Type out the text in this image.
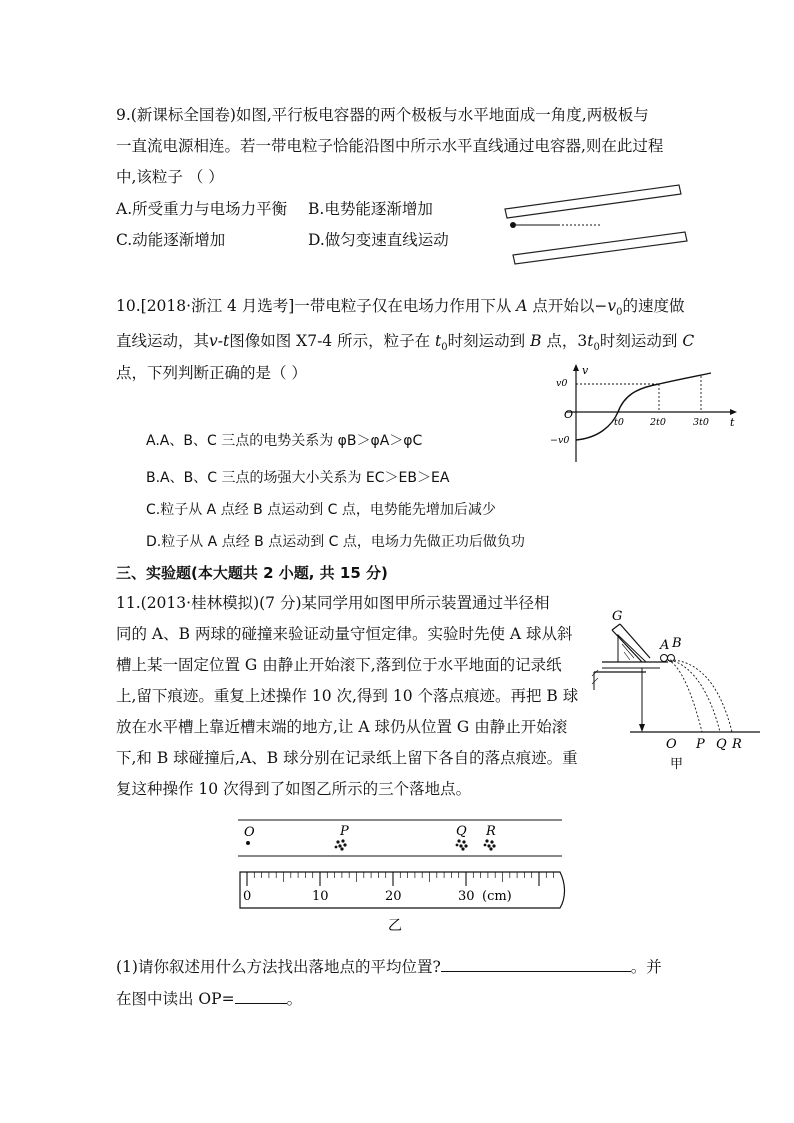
9.(新课标全国卷)如图,平行板电容器的两个极板与水平地面成一角度,两极板与
一直流电源相连。若一带电粒子恰能沿图中所示水平直线通过电容器,则在此过程
中,该粒子 （ ）
A.所受重力与电场力平衡 B.电势能逐渐增加
C.动能逐渐增加	D.做匀变速直线运动
10.[2018·浙江 4 月选考]一带电粒子仅在电场力作用下从 A 点开始以$-v_0$的速度做
直线运动，其v-t图像如图 X7-4 所示，粒子在 $t_0$时刻运动到 B 点，$3t_0$时刻运动到 C
点，下列判断正确的是（ ）
A.A、B、C 三点的电势关系为 φB＞φA＞φC
B.A、B、C 三点的场强大小关系为 EC＞EB＞EA
C.粒子从 A 点经 B 点运动到 C 点，电势能先增加后减少
D.粒子从 A 点经 B 点运动到 C 点，电场力先做正功后做负功
v
t
O
v0
−v0
t0	2t0	3t0
三、实验题(本大题共 2 小题, 共 15 分)
11.(2013·桂林模拟)(7 分)某同学用如图甲所示装置通过半径相
同的 A、B 两球的碰撞来验证动量守恒定律。实验时先使 A 球从斜
槽上某一固定位置 G 由静止开始滚下,落到位于水平地面的记录纸
上,留下痕迹。重复上述操作 10 次,得到 10 个落点痕迹。再把 B 球
放在水平槽上靠近槽末端的地方,让 A 球仍从位置 G 由静止开始滚
下,和 B 球碰撞后,A、B 球分别在记录纸上留下各自的落点痕迹。重
复这种操作 10 次得到了如图乙所示的三个落地点。
G
A B
O P Q R
甲
O	P	Q R
0	10	20	30 (cm)
乙
(1)请你叙述用什么方法找出落地点的平均位置?	。并
在图中读出 OP=	。
